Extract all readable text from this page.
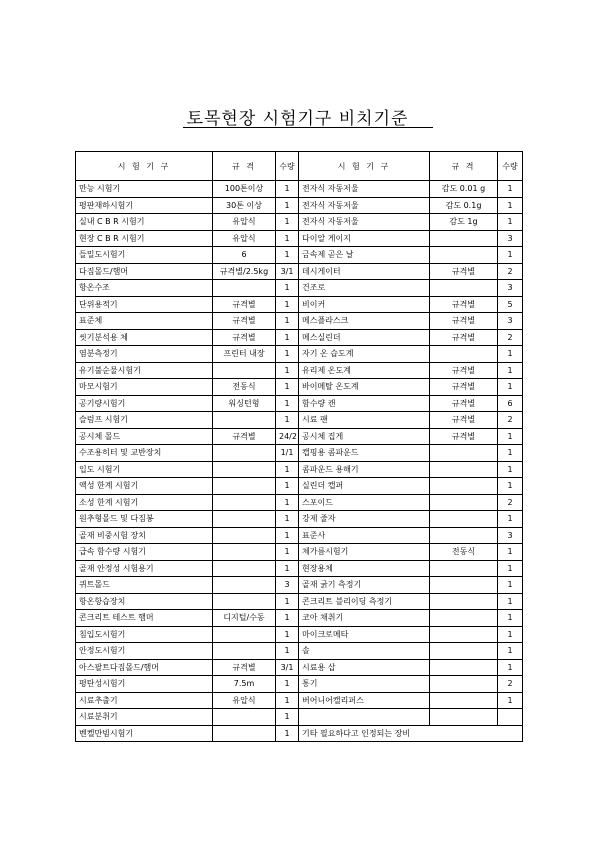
토목현장 시험기구 비치기준
시 험 기 구	규 격	수량	시 험 기 구	규 격	수량
만능 시험기	100톤이상	1	전자식 자동저울	감도 0.01 g	1
평판재하시험기	30톤 이상	1	전자식 자동저울	감도 0.1g	1
실내 C B R 시험기	유압식	1	전자식 자동저울	감도 1g	1
현장 C B R 시험기	유압식	1	다이알 게이지		3
들밀도시험기	6	1	금속제 곧은 날		1
다짐몰드/햄머	규격별/2.5kg	3/1	데시게이터	규격별	2
항온수조		1	건조로		3
단위용적기	규격별	1	비이커	규격별	5
표준체	규격별	1	메스플라스크	규격별	3
씻기분석용 체	규격별	1	메스실린더	규격별	2
염분측정기	프린터 내장	1	자기 온 습도계		1
유기불순물시험기		1	유리제 온도계	규격별	1
마모시험기	전동식	1	바이메탈 온도계	규격별	1
공기량시험기	워싱턴형	1	함수량 캔	규격별	6
슬럼프 시험기		1	시료 팬	규격별	2
공시체 몰드	규격별	24/2	공시체 집게	규격별	1
수조용히터 및 교반장치		1/1	캡핑용 콤파운드		1
입도 시험기		1	콤파운드 용해기		1
액성 한계 시험기		1	실린더 캡퍼		1
소성 한계 시험기		1	스포이드		2
원추형몰드 및 다짐봉		1	강제 줄자		1
골재 비중시험 장치		1	표준사		3
급속 함수량 시험기		1	체가름시험기	전동식	1
골재 안정성 시험용기		1	현장용체		1
퀴트몰드		3	골재 굵기 측정기		1
항온항습장치		1	콘크리트 블리이딩 측정기		1
콘크리트 테스트 햄머	디지털/수동	1	코아 채취기		1
침입도시험기		1	마이크로메타		1
안정도시험기		1	솔		1
아스팔트다짐몰드/햄머	규격별	3/1	시료용 삽		1
평탄성시험기	7.5m	1	통기		2
시료추출기	유압식	1	버어니어캘리퍼스		1
시료분취기		1			
벤켈만빔시험기		1	기타 필요하다고 인정되는 장비		
